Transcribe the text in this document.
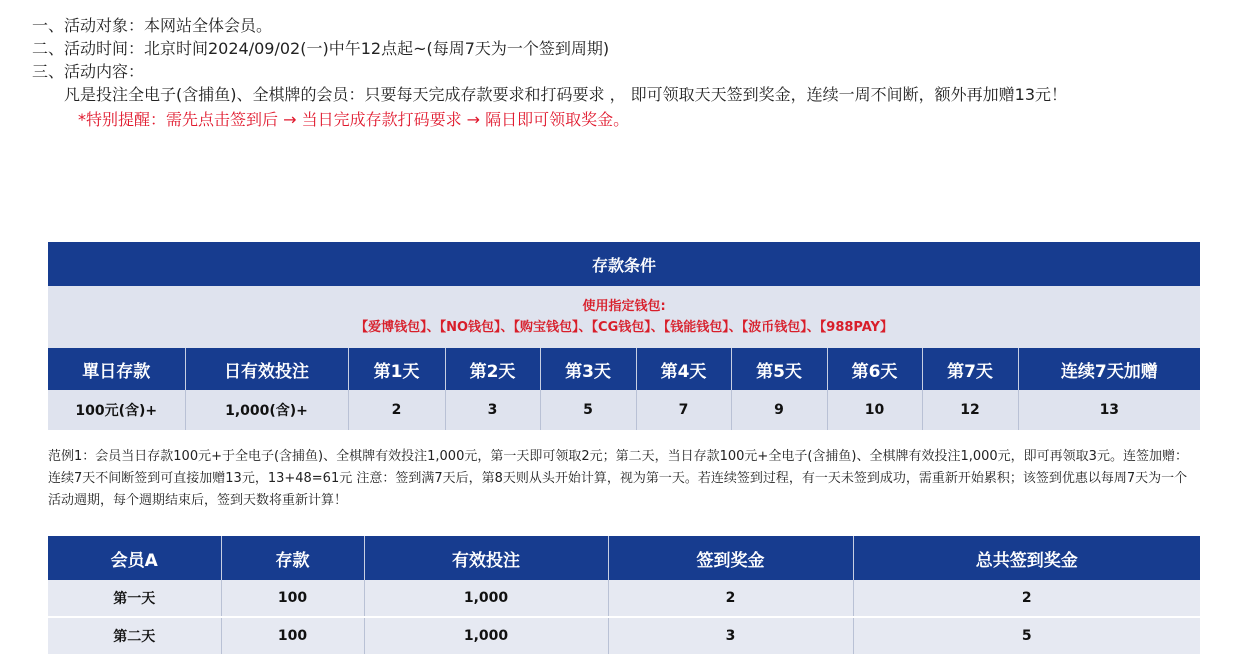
一、活动对象：本网站全体会员。

二、活动时间：北京时间2024/09/02(一)中午12点起~(每周7天为一个签到周期)

三、活动内容：

凡是投注全电子(含捕鱼)、全棋牌的会员：只要每天完成存款要求和打码要求 ， 即可领取天天签到奖金，连续一周不间断，额外再加赠13元！

*特别提醒：需先点击签到后 → 当日完成存款打码要求 → 隔日即可领取奖金。

存款条件									

使用指定钱包:
【爱博钱包】、【NO钱包】、【购宝钱包】、【CG钱包】、【钱能钱包】、【波币钱包】、【988PAY】									

單日存款	日有效投注	第1天	第2天	第3天	第4天	第5天	第6天	第7天	连续7天加赠
100元(含)+	1,000(含)+	2	3	5	7	9	10	12	13

范例1：会员当日存款100元+于全电子(含捕鱼)、全棋牌有效投注1,000元，第一天即可领取2元；第二天，当日存款100元+全电子(含捕鱼)、全棋牌有效投注1,000元，即可再领取3元。连签加赠：连续7天不间断签到可直接加赠13元，13+48=61元 注意：签到满7天后，第8天则从头开始计算，视为第一天。若连续签到过程，有一天未签到成功，需重新开始累积；该签到优惠以每周7天为一个活动週期，每个週期结束后，签到天数将重新计算！

会员A	存款	有效投注	签到奖金	总共签到奖金
第一天	100	1,000	2	2
第二天	100	1,000	3	5
